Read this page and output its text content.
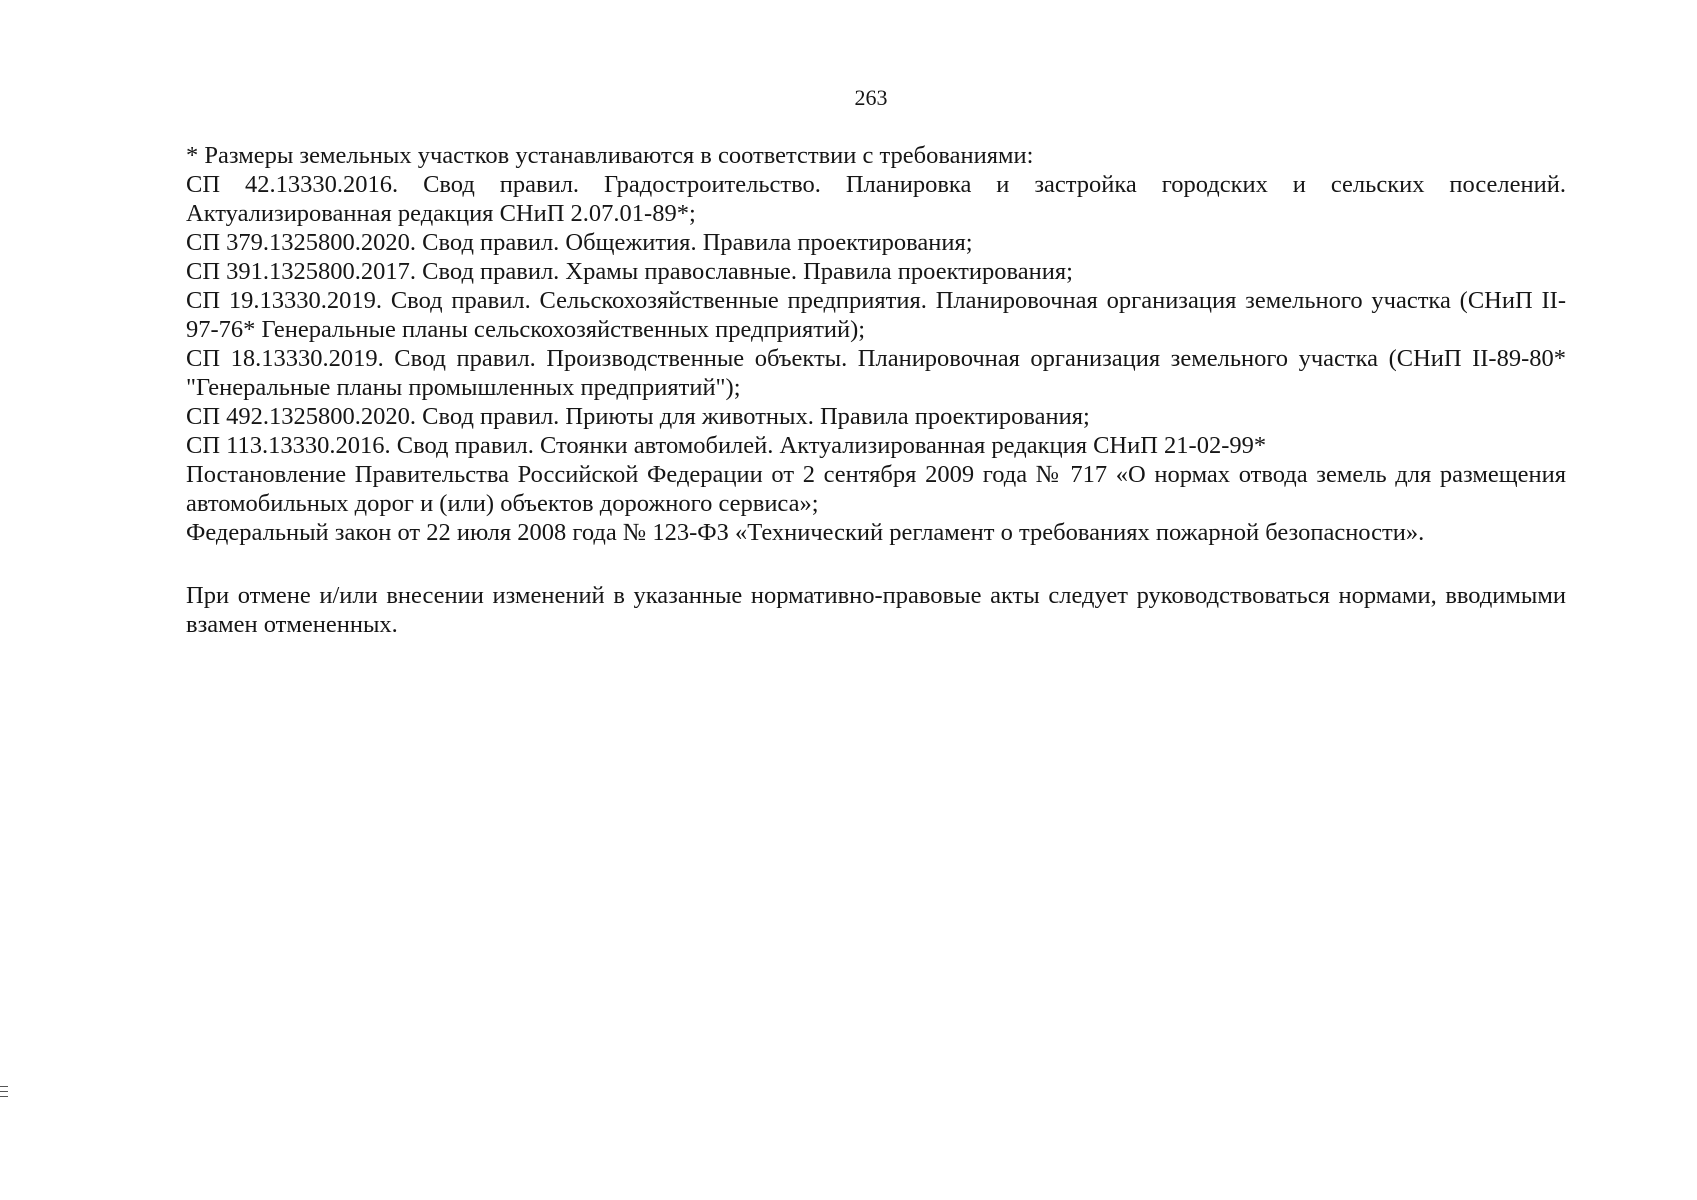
263

* Размеры земельных участков устанавливаются в соответствии с требованиями:

СП 42.13330.2016. Свод правил. Градостроительство. Планировка и застройка городских и сельских поселений. Актуализированная редакция СНиП 2.07.01-89*;

СП 379.1325800.2020. Свод правил. Общежития. Правила проектирования;

СП 391.1325800.2017. Свод правил. Храмы православные. Правила проектирования;

СП 19.13330.2019. Свод правил. Сельскохозяйственные предприятия. Планировочная организация земельного участка (СНиП II-97-76* Генеральные планы сельскохозяйственных предприятий);

СП 18.13330.2019. Свод правил. Производственные объекты. Планировочная организация земельного участка (СНиП II-89-80* "Генеральные планы промышленных предприятий");

СП 492.1325800.2020. Свод правил. Приюты для животных. Правила проектирования;

СП 113.13330.2016. Свод правил. Стоянки автомобилей. Актуализированная редакция СНиП 21-02-99*

Постановление Правительства Российской Федерации от 2 сентября 2009 года № 717 «О нормах отвода земель для размещения автомобильных дорог и (или) объектов дорожного сервиса»;

Федеральный закон от 22 июля 2008 года № 123-ФЗ «Технический регламент о требованиях пожарной безопасности».

При отмене и/или внесении изменений в указанные нормативно-правовые акты следует руководствоваться нормами, вводимыми взамен отмененных.
